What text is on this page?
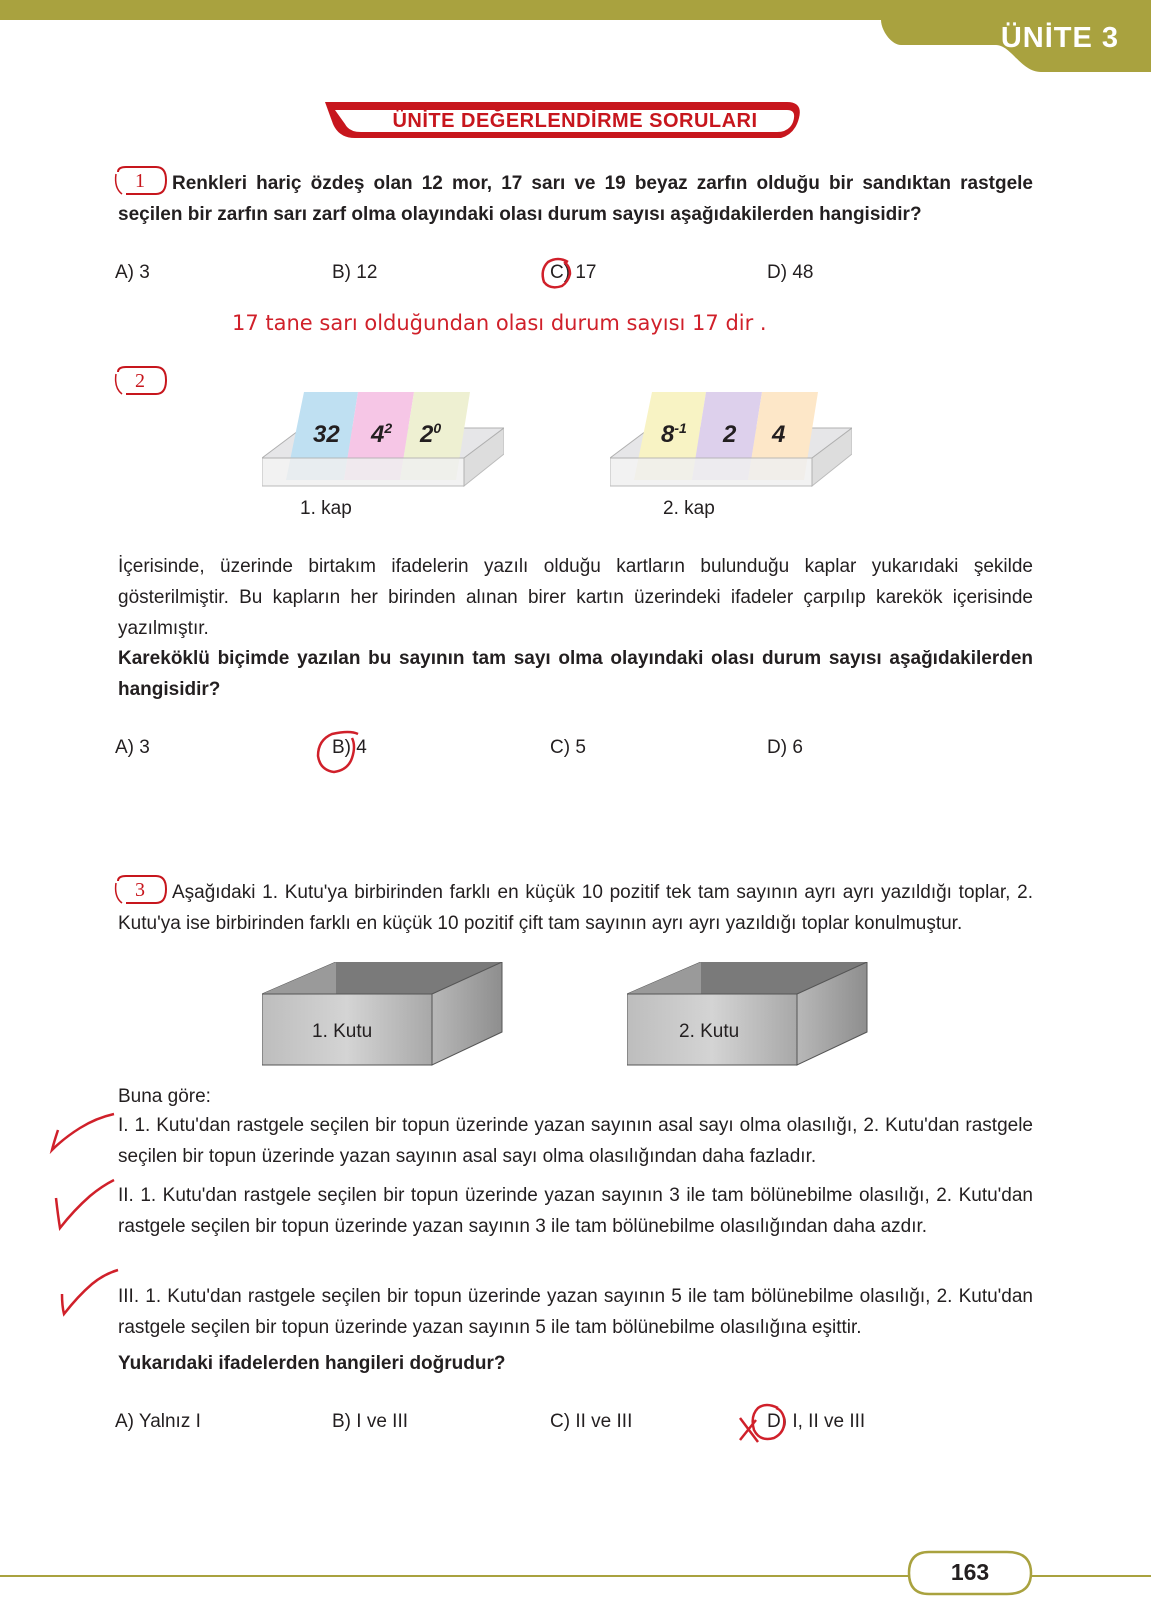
ÜNİTE 3
ÜNİTE DEĞERLENDİRME SORULARI
1	Renkleri hariç özdeş olan 12 mor, 17 sarı ve 19 beyaz zarfın olduğu bir sandıktan rastgele seçilen bir zarfın sarı zarf olma olayındaki olası durum sayısı aşağıdakilerden hangisidir?
A) 3	B) 12	C) 17	D) 48
17 tane sarı olduğundan olası durum sayısı 17 dir .
2
32 $4^2$ $2^0$
1. kap
$8^{-1}$ 2 4
2. kap
İçerisinde, üzerinde birtakım ifadelerin yazılı olduğu kartların bulunduğu kaplar yukarıdaki şekilde gösterilmiştir. Bu kapların her birinden alınan birer kartın üzerindeki ifadeler çarpılıp karekök içerisinde yazılmıştır.
Kareköklü biçimde yazılan bu sayının tam sayı olma olayındaki olası durum sayısı aşağıdakilerden hangisidir?
A) 3	B) 4	C) 5	D) 6
3	Aşağıdaki 1. Kutu'ya birbirinden farklı en küçük 10 pozitif tek tam sayının ayrı ayrı yazıldığı toplar, 2. Kutu'ya ise birbirinden farklı en küçük 10 pozitif çift tam sayının ayrı ayrı yazıldığı toplar konulmuştur.
1. Kutu	2. Kutu
Buna göre:
I. 1. Kutu'dan rastgele seçilen bir topun üzerinde yazan sayının asal sayı olma olasılığı, 2. Kutu'dan rastgele seçilen bir topun üzerinde yazan sayının asal sayı olma olasılığından daha fazladır.
II. 1. Kutu'dan rastgele seçilen bir topun üzerinde yazan sayının 3 ile tam bölünebilme olasılığı, 2. Kutu'dan rastgele seçilen bir topun üzerinde yazan sayının 3 ile tam bölünebilme olasılığından daha azdır.
III. 1. Kutu'dan rastgele seçilen bir topun üzerinde yazan sayının 5 ile tam bölünebilme olasılığı, 2. Kutu'dan rastgele seçilen bir topun üzerinde yazan sayının 5 ile tam bölünebilme olasılığına eşittir.
Yukarıdaki ifadelerden hangileri doğrudur?
A) Yalnız I	B) I ve III	C) II ve III	D) I, II ve III
163
